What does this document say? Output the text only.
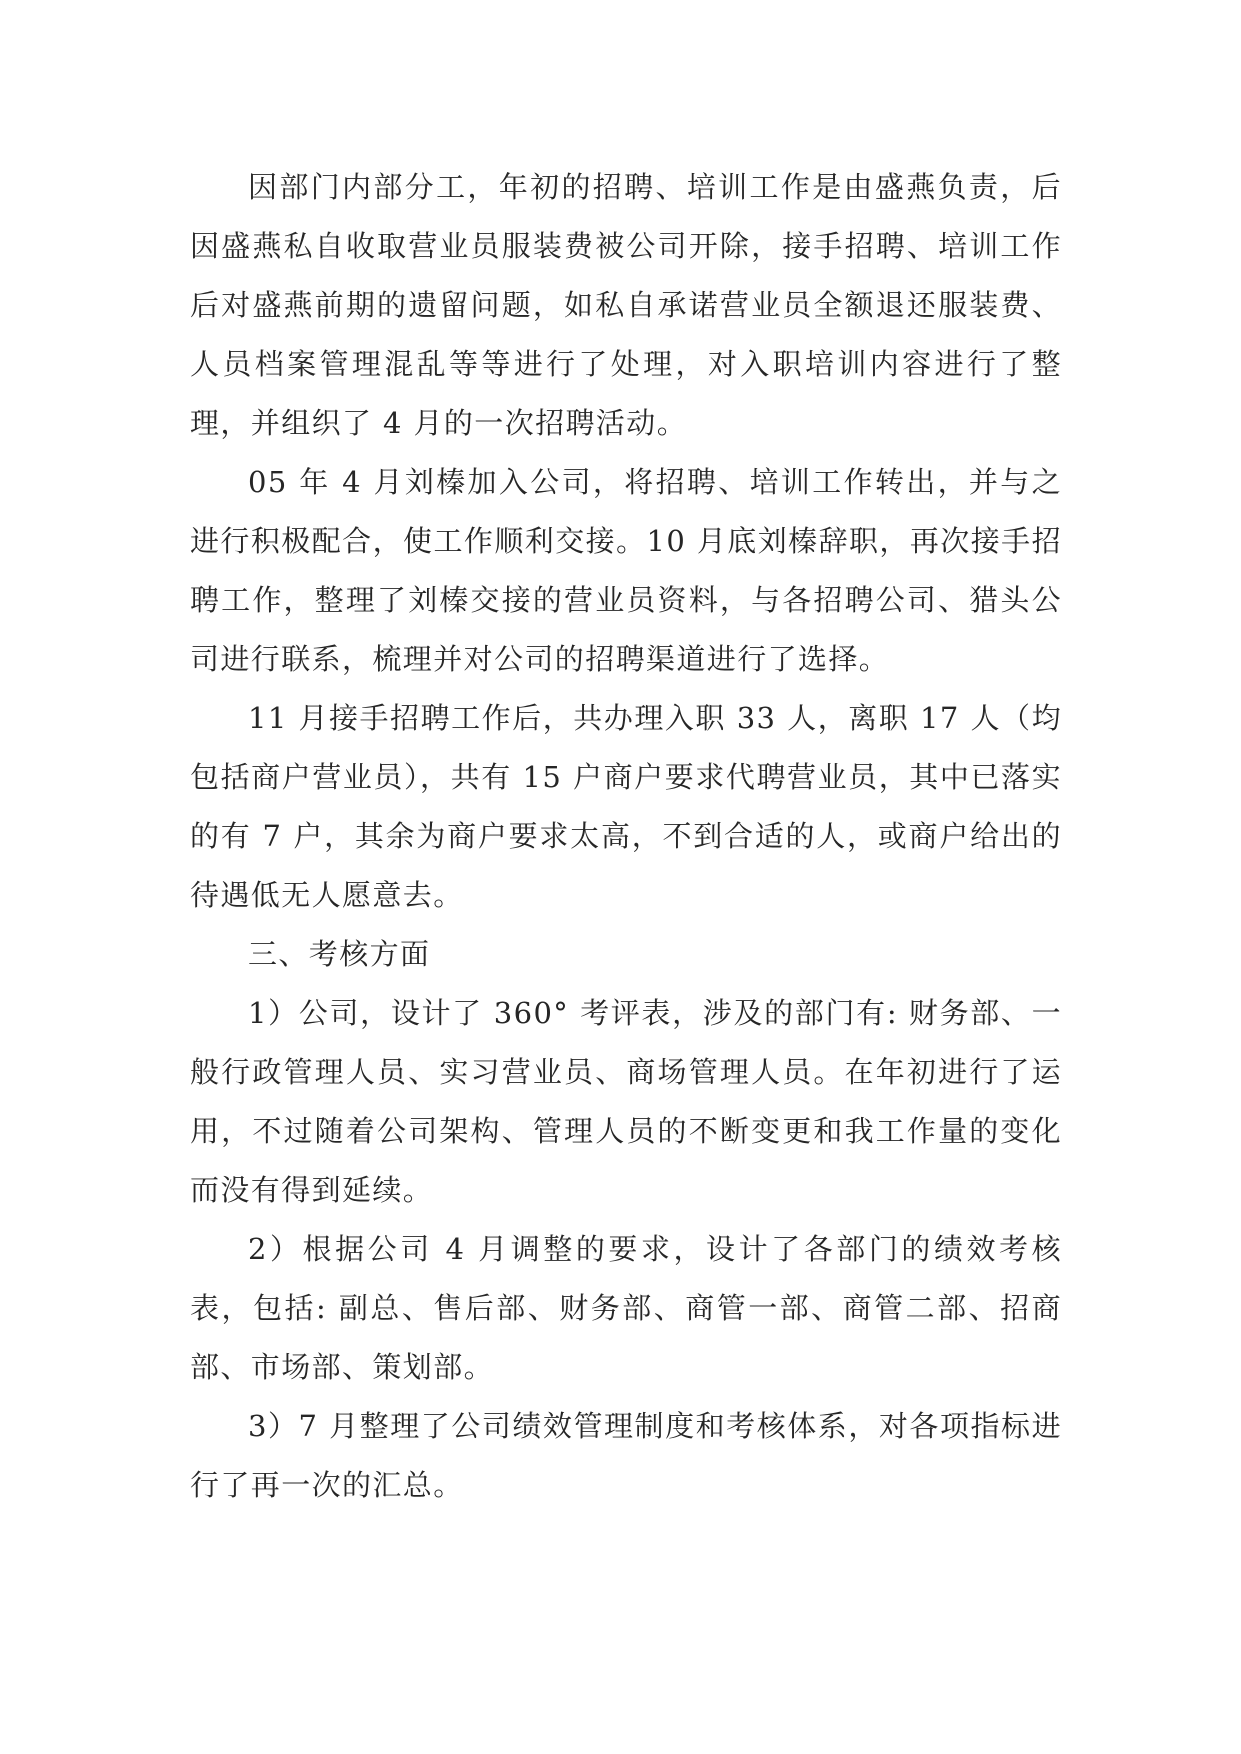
因部门内部分工，年初的招聘、培训工作是由盛燕负责，后因盛燕私自收取营业员服装费被公司开除，接手招聘、培训工作后对盛燕前期的遗留问题，如私自承诺营业员全额退还服装费、人员档案管理混乱等等进行了处理，对入职培训内容进行了整理，并组织了 4 月的一次招聘活动。

05 年 4 月刘榛加入公司，将招聘、培训工作转出，并与之进行积极配合，使工作顺利交接。10 月底刘榛辞职，再次接手招聘工作，整理了刘榛交接的营业员资料，与各招聘公司、猎头公司进行联系，梳理并对公司的招聘渠道进行了选择。

11 月接手招聘工作后，共办理入职 33 人，离职 17 人（均包括商户营业员），共有 15 户商户要求代聘营业员，其中已落实的有 7 户，其余为商户要求太高，不到合适的人，或商户给出的待遇低无人愿意去。

三、考核方面

1）公司，设计了 360° 考评表，涉及的部门有: 财务部、一般行政管理人员、实习营业员、商场管理人员。在年初进行了运用，不过随着公司架构、管理人员的不断变更和我工作量的变化而没有得到延续。

2）根据公司 4 月调整的要求，设计了各部门的绩效考核表，包括: 副总、售后部、财务部、商管一部、商管二部、招商部、市场部、策划部。

3）7 月整理了公司绩效管理制度和考核体系，对各项指标进行了再一次的汇总。
